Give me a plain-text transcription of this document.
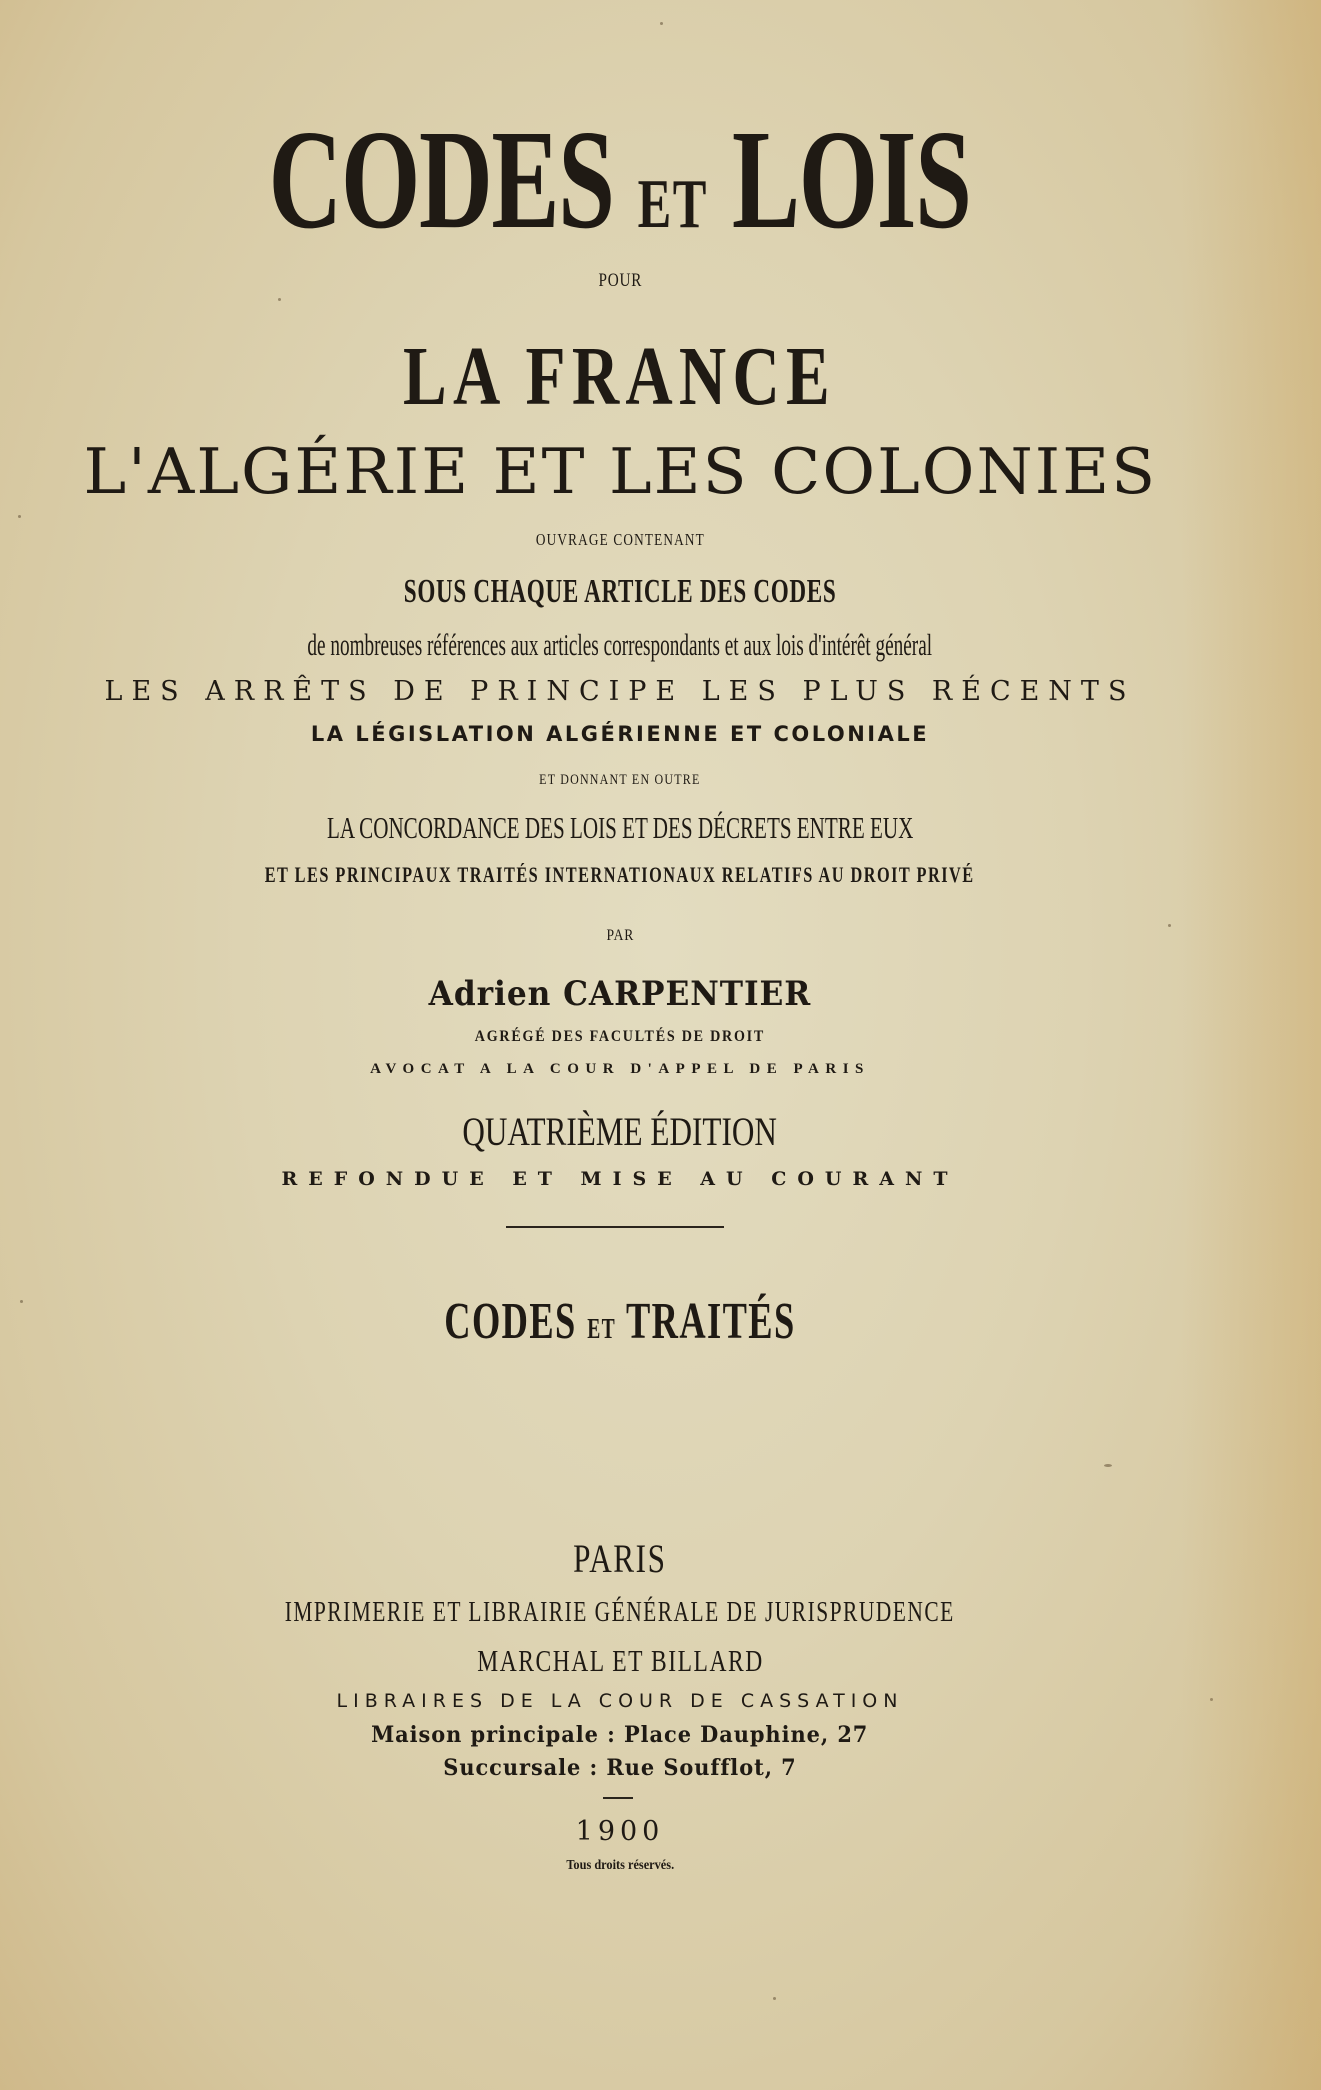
CODES ET LOIS
POUR
LA FRANCE
L'ALGÉRIE ET LES COLONIES
OUVRAGE CONTENANT
SOUS CHAQUE ARTICLE DES CODES
de nombreuses références aux articles correspondants et aux lois d'intérêt général
LES ARRÊTS DE PRINCIPE LES PLUS RÉCENTS
LA LÉGISLATION ALGÉRIENNE ET COLONIALE
ET DONNANT EN OUTRE
LA CONCORDANCE DES LOIS ET DES DÉCRETS ENTRE EUX
ET LES PRINCIPAUX TRAITÉS INTERNATIONAUX RELATIFS AU DROIT PRIVÉ
PAR
Adrien CARPENTIER
AGRÉGÉ DES FACULTÉS DE DROIT
AVOCAT A LA COUR D'APPEL DE PARIS
QUATRIÈME ÉDITION
REFONDUE ET MISE AU COURANT
CODES ET TRAITÉS
PARIS
IMPRIMERIE ET LIBRAIRIE GÉNÉRALE DE JURISPRUDENCE
MARCHAL ET BILLARD
LIBRAIRES DE LA COUR DE CASSATION
Maison principale : Place Dauphine, 27
Succursale : Rue Soufflot, 7
1900
Tous droits réservés.
